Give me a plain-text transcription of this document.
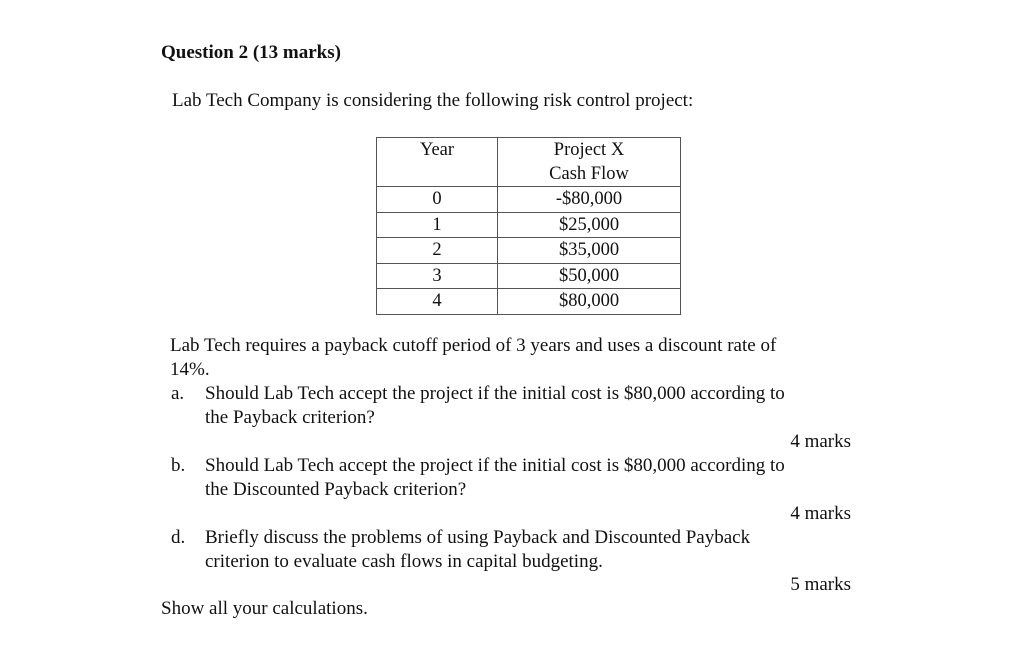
Question 2 (13 marks)
Lab Tech Company is considering the following risk control project:
Year	Project X
Cash Flow

0	-$80,000
1	$25,000
2	$35,000
3	$50,000
4	$80,000
Lab Tech requires a payback cutoff period of 3 years and uses a discount rate of
14%.
a. Should Lab Tech accept the project if the initial cost is $80,000 according to
the Payback criterion?
4 marks
b. Should Lab Tech accept the project if the initial cost is $80,000 according to
the Discounted Payback criterion?
4 marks
d. Briefly discuss the problems of using Payback and Discounted Payback
criterion to evaluate cash flows in capital budgeting.
5 marks
Show all your calculations.
